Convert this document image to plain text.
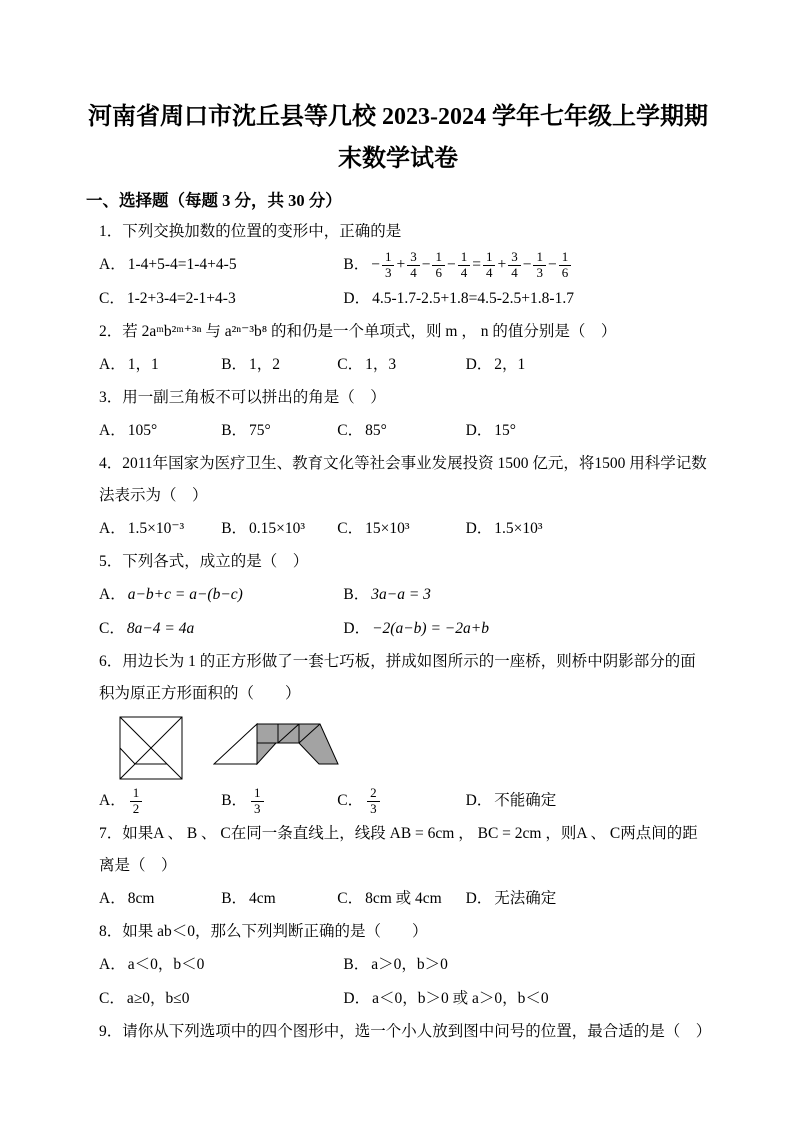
河南省周口市沈丘县等几校 2023-2024 学年七年级上学期期
末数学试卷
一、选择题（每题 3 分，共 30 分）
1．下列交换加数的位置的变形中，正确的是
A． 1-4+5-4=1-4+4-5	B． − $\frac{1}{3} + \frac{3}{4} - \frac{1}{6} - \frac{1}{4} = \frac{1}{4} + \frac{3}{4} - \frac{1}{3} - \frac{1}{6}$
C． 1-2+3-4=2-1+4-3	D． 4.5-1.7-2.5+1.8=4.5-2.5+1.8-1.7
2．若 2aᵐb²ᵐ⁺³ⁿ 与 a²ⁿ⁻³b⁸ 的和仍是一个单项式，则 m ， n 的值分别是（　）
A． 1，1	B． 1，2	C． 1，3	D． 2，1
3．用一副三角板不可以拼出的角是（　）
A． 105°	B． 75°	C． 85°	D． 15°
4．2011年国家为医疗卫生、教育文化等社会事业发展投资 1500 亿元，将1500 用科学记数法表示为（　）
A． 1.5×10⁻³	B． 0.15×10³	C． 15×10³	D． 1.5×10³
5．下列各式，成立的是（　）
A． a−b+c = a−(b−c)	B． 3a−a = 3
C． 8a−4 = 4a	D． −2(a−b) = −2a+b
6．用边长为 1 的正方形做了一套七巧板，拼成如图所示的一座桥，则桥中阴影部分的面积为原正方形面积的（　　）
A． $\frac{1}{2}$	B． $\frac{1}{3}$	C． $\frac{2}{3}$	D． 不能确定
7．如果A 、 B 、 C在同一条直线上，线段 AB = 6cm ， BC = 2cm ，则A 、 C两点间的距离是（　）
A． 8cm	B． 4cm	C． 8cm 或 4cm	D． 无法确定
8．如果 ab＜0，那么下列判断正确的是（　　）
A． a＜0，b＜0	B． a＞0，b＞0
C． a≥0，b≤0	D． a＜0，b＞0 或 a＞0，b＜0
9．请你从下列选项中的四个图形中，选一个小人放到图中问号的位置，最合适的是（　）
